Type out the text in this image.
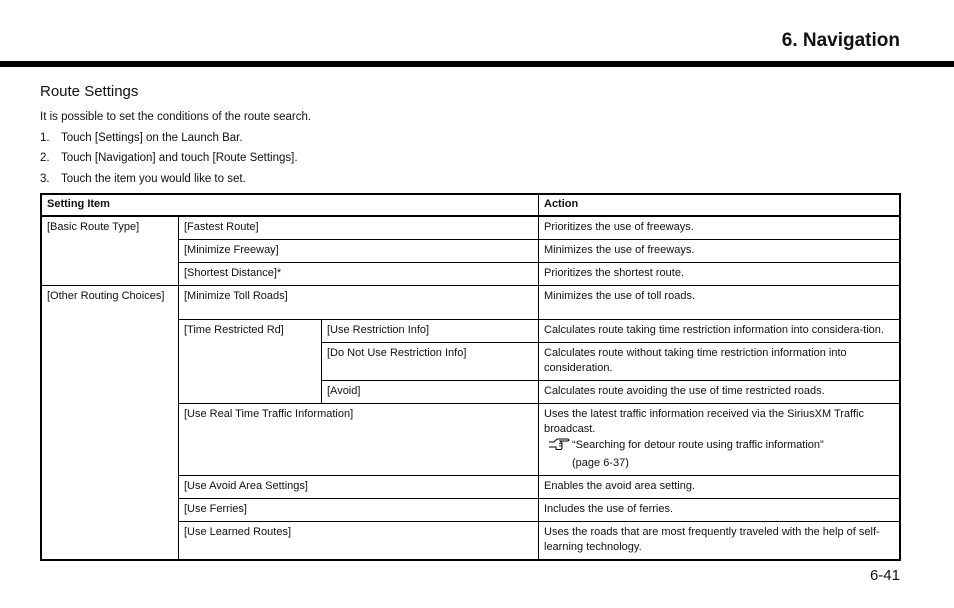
6. Navigation
Route Settings
It is possible to set the conditions of the route search.
1. Touch [Settings] on the Launch Bar.
2. Touch [Navigation] and touch [Route Settings].
3. Touch the item you would like to set.
Setting Item			Action
[Basic Route Type]	[Fastest Route]		Prioritizes the use of freeways.
	[Minimize Freeway]		Minimizes the use of freeways.
	[Shortest Distance]*		Prioritizes the shortest route.
[Other Routing Choices]	[Minimize Toll Roads]		Minimizes the use of toll roads.
	[Time Restricted Rd]	[Use Restriction Info]	Calculates route taking time restriction information into considera-tion.
		[Do Not Use Restriction Info]	Calculates route without taking time restriction information into consideration.
		[Avoid]	Calculates route avoiding the use of time restricted roads.
	[Use Real Time Traffic Information]		Uses the latest traffic information received via the SiriusXM Traffic broadcast.
“Searching for detour route using traffic information”
(page 6-37)

	[Use Avoid Area Settings]		Enables the avoid area setting.
	[Use Ferries]		Includes the use of ferries.
	[Use Learned Routes]		Uses the roads that are most frequently traveled with the help of self-learning technology.
6-41
